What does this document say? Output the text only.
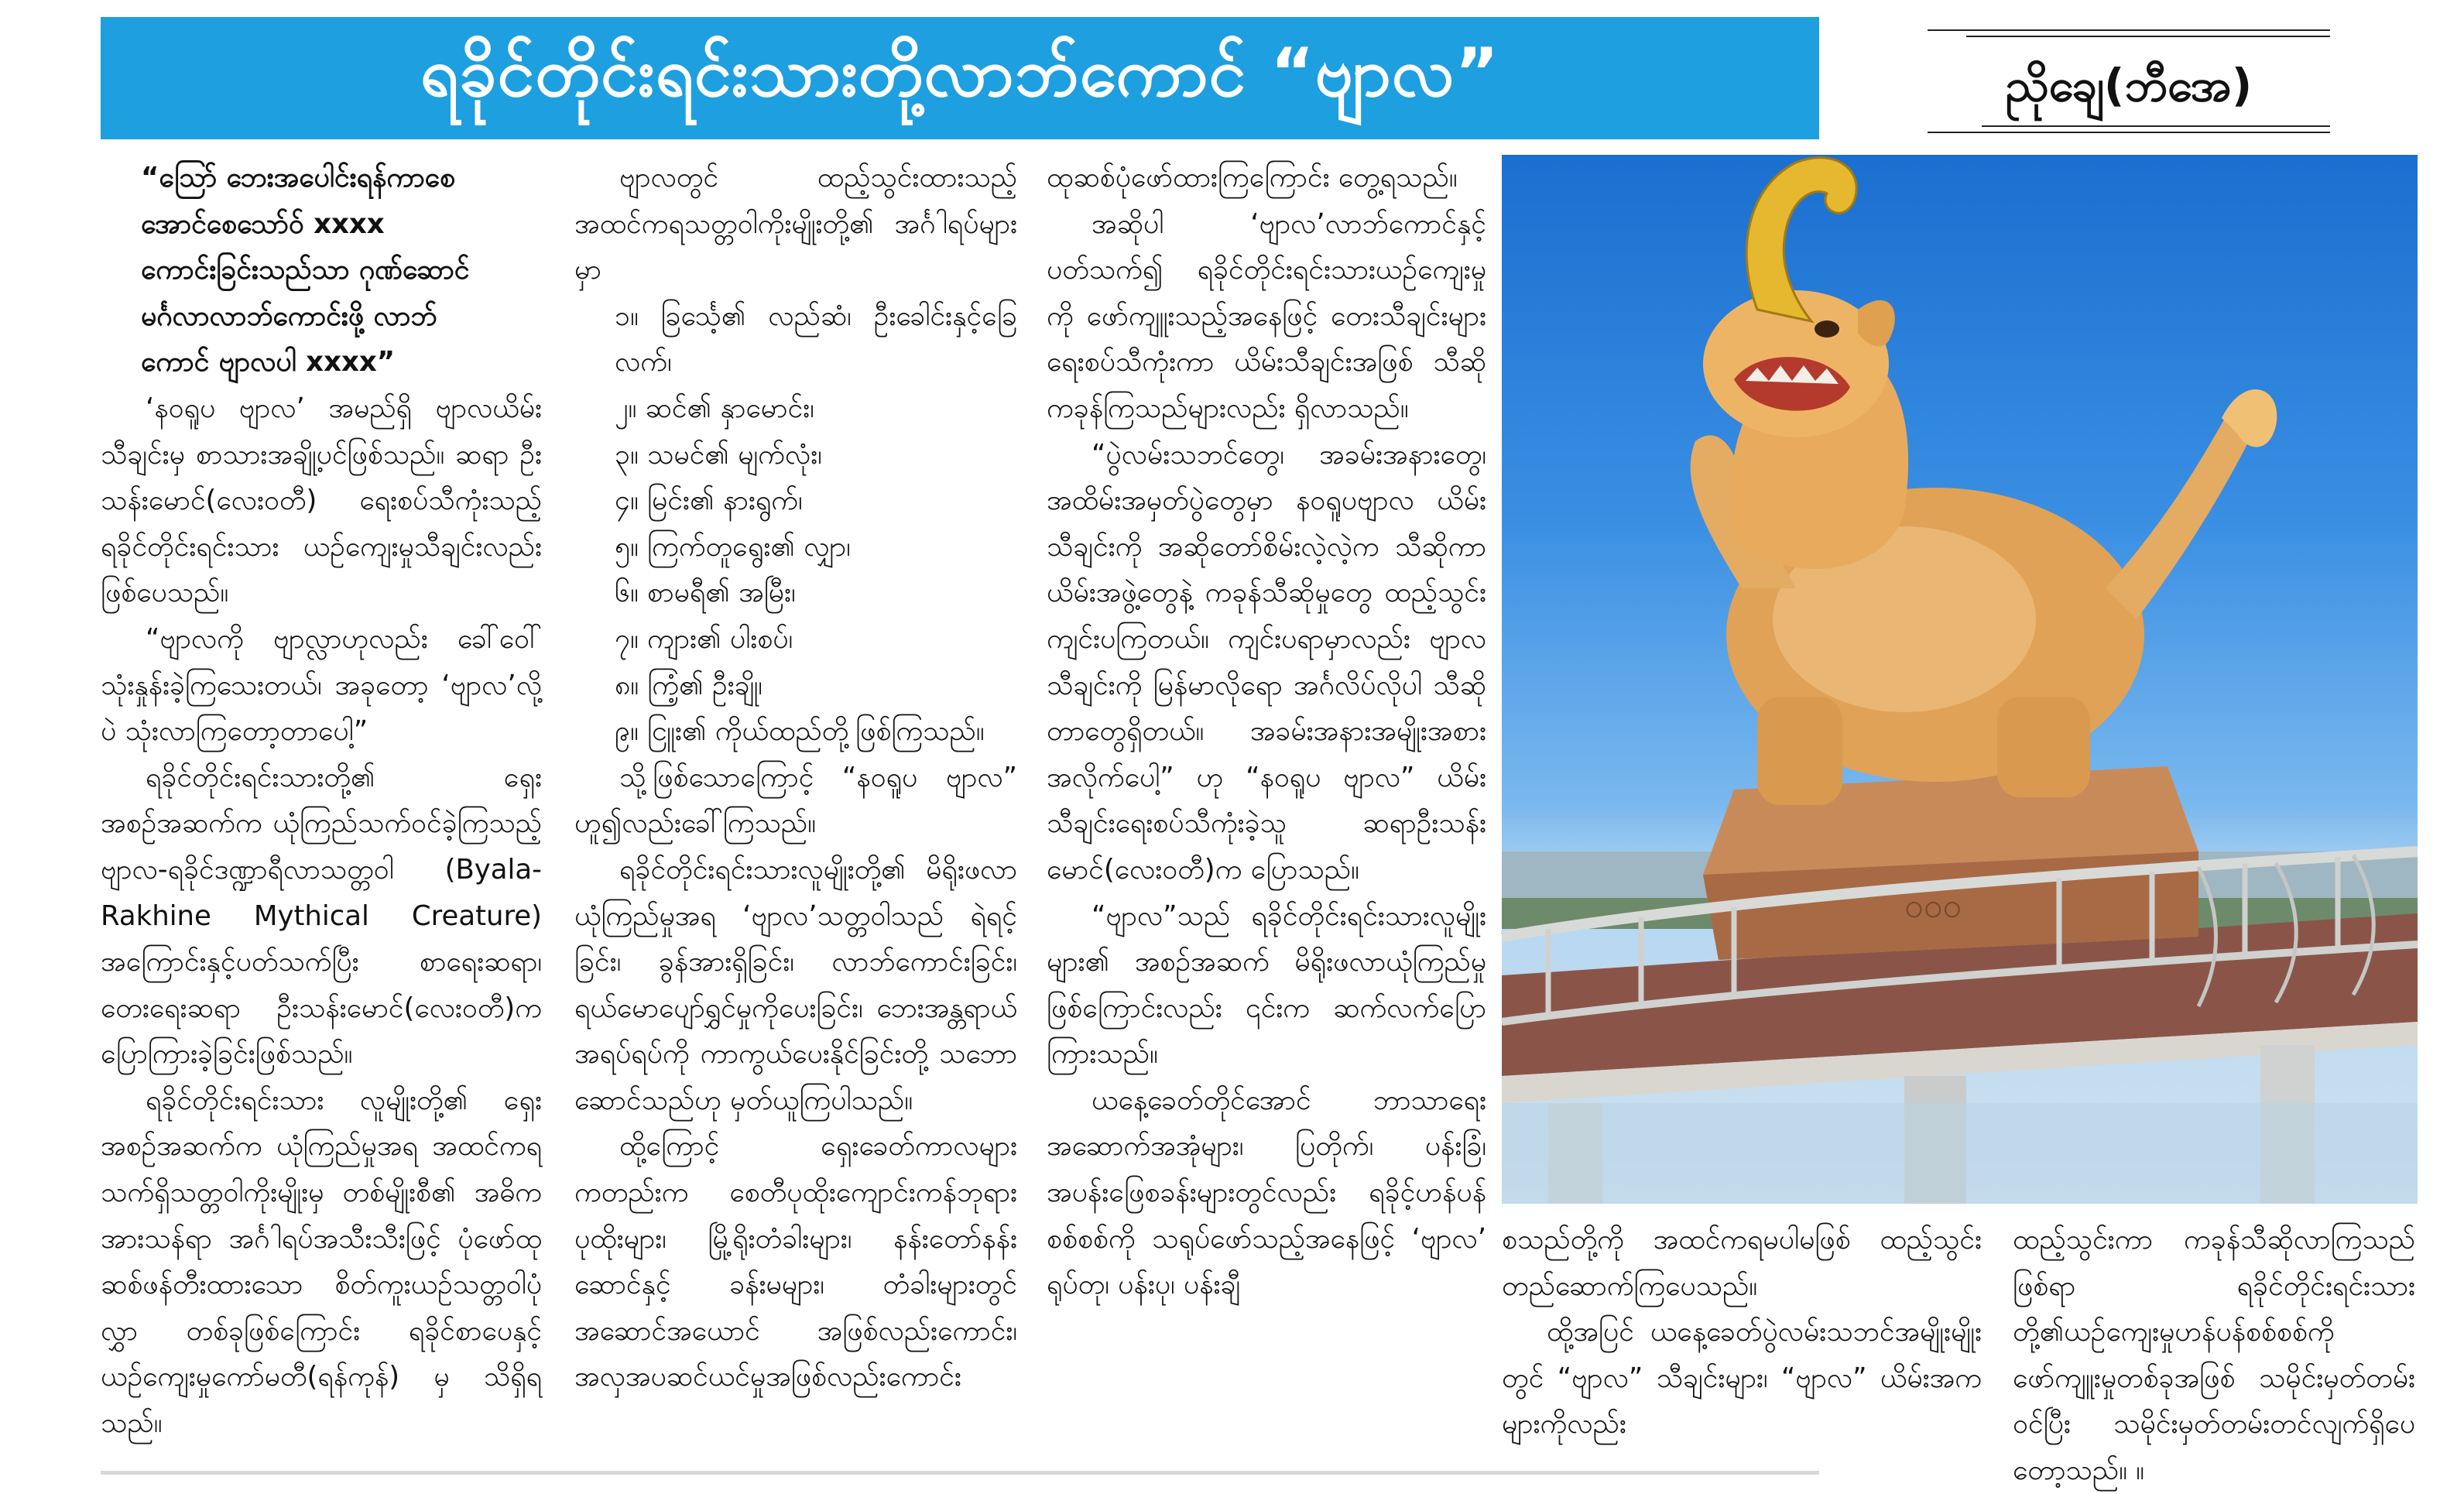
ရခိုင်တိုင်းရင်းသားတို့လာဘ်ကောင် “ဗျာလ”	ညိုချေ(ဘီအေ)

“ဩော် ဘေးအပေါင်းရန်ကာစေ

အောင်စေသော်ဝ် xxxx

ကောင်းခြင်းသည်သာ ဂုဏ်ဆောင်

မင်္ဂလာလာဘ်ကောင်းဖို့ လာဘ်

ကောင် ဗျာလပါ xxxx”

‘နဝရူပ ဗျာလ’ အမည်ရှိ ဗျာလယိမ်းသီချင်းမှ စာသားအချို့ပင်ဖြစ်သည်။ ဆရာ ဦးသန်းမောင်(လေးဝတီ) ရေးစပ်သီကုံးသည့် ရခိုင်တိုင်းရင်းသား ယဉ်ကျေးမှုသီချင်းလည်းဖြစ်ပေသည်။

“ဗျာလကို ဗျာလ္လာဟုလည်း ခေါ်ဝေါ်သုံးနှုန်းခဲ့ကြသေးတယ်၊ အခုတော့ ‘ဗျာလ’လို့ပဲ သုံးလာကြတော့တာပေါ့”

ရခိုင်တိုင်းရင်းသားတို့၏ ရှေးအစဉ်အဆက်က ယုံကြည်သက်ဝင်ခဲ့ကြသည့် ဗျာလ-ရခိုင်ဒဏ္ဍာရီလာသတ္တဝါ (Byala-Rakhine Mythical Creature) အကြောင်းနှင့်ပတ်သက်ပြီး စာရေးဆရာ၊ တေးရေးဆရာ ဦးသန်းမောင်(လေးဝတီ)က ပြောကြားခဲ့ခြင်းဖြစ်သည်။

ရခိုင်တိုင်းရင်းသား လူမျိုးတို့၏ ရှေးအစဉ်အဆက်က ယုံကြည်မှုအရ အထင်ကရ သက်ရှိသတ္တဝါကိုးမျိုးမှ တစ်မျိုးစီ၏ အဓိကအားသန်ရာ အင်္ဂါရပ်အသီးသီးဖြင့် ပုံဖော်ထုဆစ်ဖန်တီးထားသော စိတ်ကူးယဉ်သတ္တဝါပုံလွှာ တစ်ခုဖြစ်ကြောင်း ရခိုင်စာပေနှင့်ယဉ်ကျေးမှုကော်မတီ(ရန်ကုန်) မှ သိရှိရသည်။

ဗျာလတွင် ထည့်သွင်းထားသည့် အထင်ကရသတ္တဝါကိုးမျိုးတို့၏ အင်္ဂါရပ်များမှာ

၁။ ခြင်္သေ့၏ လည်ဆံ၊ ဦးခေါင်းနှင့်ခြေ လက်၊

၂။ ဆင်၏ နှာမောင်း၊

၃။ သမင်၏ မျက်လုံး၊

၄။ မြင်း၏ နားရွက်၊

၅။ ကြက်တူရွေး၏ လျှာ၊

၆။ စာမရီ၏ အမြီး၊

၇။ ကျား၏ ပါးစပ်၊

၈။ ကြံ့၏ ဦးချို၊

၉။ ငြူး၏ ကိုယ်ထည်တို့ဖြစ်ကြသည်။

သို့ဖြစ်သောကြောင့် “နဝရူပ ဗျာလ” ဟူ၍လည်းခေါ်ကြသည်။

ရခိုင်တိုင်းရင်းသားလူမျိုးတို့၏ မိရိုးဖလာယုံကြည်မှုအရ ‘ဗျာလ’သတ္တဝါသည် ရဲရင့်ခြင်း၊ ခွန်အားရှိခြင်း၊ လာဘ်ကောင်းခြင်း၊ ရယ်မောပျော်ရွှင်မှုကိုပေးခြင်း၊ ဘေးအန္တရာယ်အရပ်ရပ်ကို ကာကွယ်ပေးနိုင်ခြင်းတို့ သဘောဆောင်သည်ဟု မှတ်ယူကြပါသည်။

ထို့ကြောင့် ရှေးခေတ်ကာလများကတည်းက စေတီပုထိုးကျောင်းကန်ဘုရားပုထိုးများ၊ မြို့ရိုးတံခါးများ၊ နန်းတော်နန်းဆောင်နှင့် ခန်းမများ၊ တံခါးများတွင် အဆောင်အယောင် အဖြစ်လည်းကောင်း၊ အလှအပဆင်ယင်မှုအဖြစ်လည်းကောင်း

ထုဆစ်ပုံဖော်ထားကြကြောင်း တွေ့ရသည်။

အဆိုပါ ‘ဗျာလ’လာဘ်ကောင်နှင့် ပတ်သက်၍ ရခိုင်တိုင်းရင်းသားယဉ်ကျေးမှုကို ဖော်ကျူးသည့်အနေဖြင့် တေးသီချင်းများရေးစပ်သီကုံးကာ ယိမ်းသီချင်းအဖြစ် သီဆိုကခုန်ကြသည်များလည်း ရှိလာသည်။

“ပွဲလမ်းသဘင်တွေ၊ အခမ်းအနားတွေ၊ အထိမ်းအမှတ်ပွဲတွေမှာ နဝရူပဗျာလ ယိမ်းသီချင်းကို အဆိုတော်စိမ်းလဲ့လဲ့က သီဆိုကာ ယိမ်းအဖွဲ့တွေနဲ့ ကခုန်သီဆိုမှုတွေ ထည့်သွင်းကျင်းပကြတယ်။ ကျင်းပရာမှာလည်း ဗျာလသီချင်းကို မြန်မာလိုရော အင်္ဂလိပ်လိုပါ သီဆိုတာတွေရှိတယ်။ အခမ်းအနားအမျိုးအစားအလိုက်ပေါ့” ဟု “နဝရူပ ဗျာလ” ယိမ်းသီချင်းရေးစပ်သီကုံးခဲ့သူ ဆရာဦးသန်းမောင်(လေးဝတီ)က ပြောသည်။

“ဗျာလ”သည် ရခိုင်တိုင်းရင်းသားလူမျိုးများ၏ အစဉ်အဆက် မိရိုးဖလာယုံကြည်မှုဖြစ်ကြောင်းလည်း ၎င်းက ဆက်လက်ပြောကြားသည်။

ယနေ့ခေတ်တိုင်အောင် ဘာသာရေးအဆောက်အအုံများ၊ ပြတိုက်၊ ပန်းခြံ၊ အပန်းဖြေစခန်းများတွင်လည်း ရခိုင့်ဟန်ပန်စစ်စစ်ကို သရုပ်ဖော်သည့်အနေဖြင့် ‘ဗျာလ’ ရုပ်တု၊ ပန်းပု၊ ပန်းချီ

ဝဝဝ

စသည်တို့ကို အထင်ကရမပါမဖြစ် ထည့်သွင်းတည်ဆောက်ကြပေသည်။

ထို့အပြင် ယနေ့ခေတ်ပွဲလမ်းသဘင်အမျိုးမျိုးတွင် “ဗျာလ” သီချင်းများ၊ “ဗျာလ” ယိမ်းအကများကိုလည်း

ထည့်သွင်းကာ ကခုန်သီဆိုလာကြသည်ဖြစ်ရာ ရခိုင်တိုင်းရင်းသားတို့၏ယဉ်ကျေးမှုဟန်ပန်စစ်စစ်ကို ဖော်ကျူးမှုတစ်ခုအဖြစ် သမိုင်းမှတ်တမ်းဝင်ပြီး သမိုင်းမှတ်တမ်းတင်လျက်ရှိပေတော့သည်။ ။
